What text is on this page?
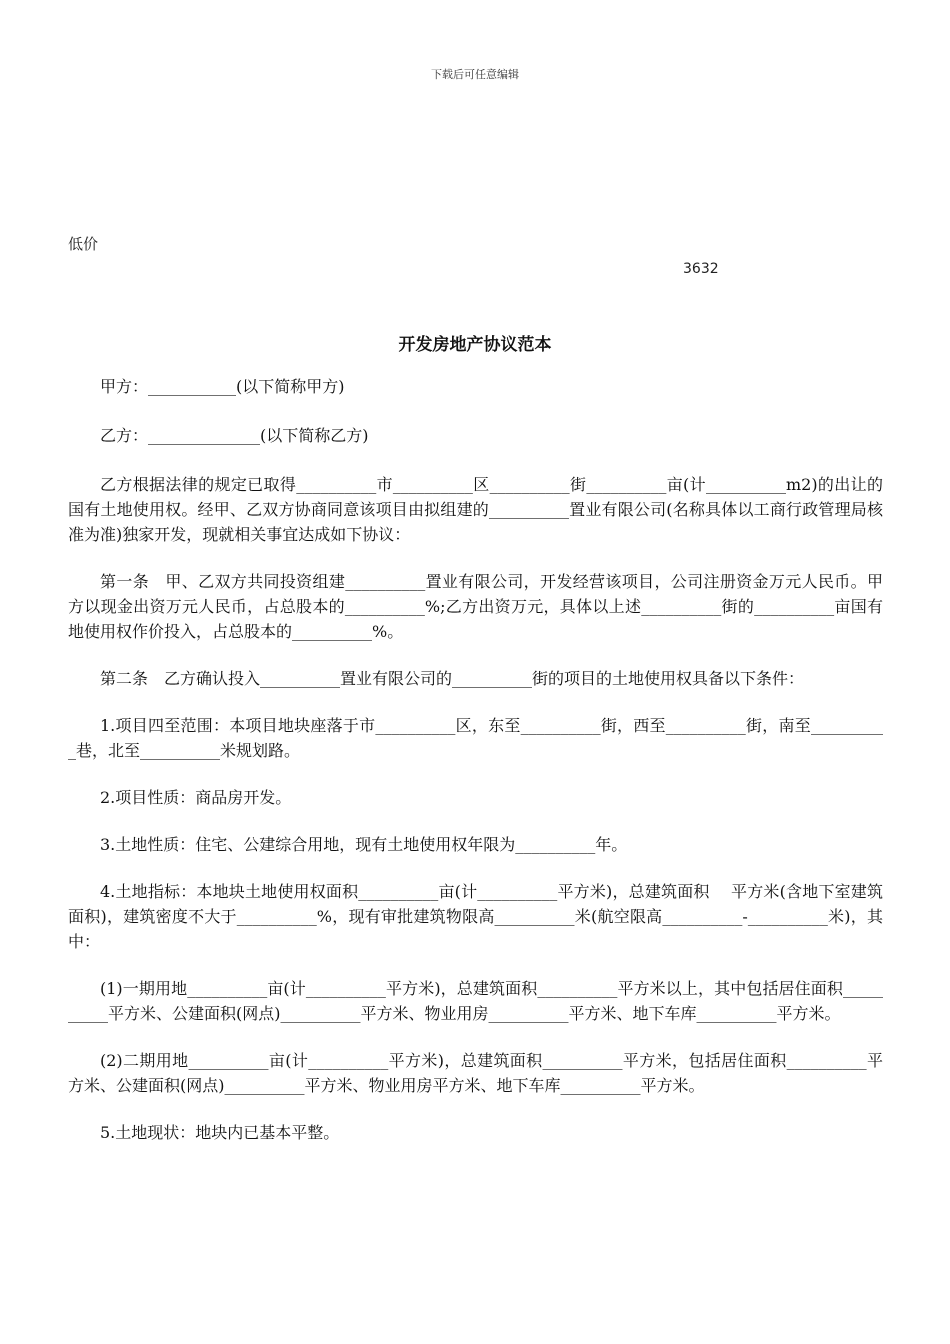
下载后可任意编辑
低价
3632
开发房地产协议范本

甲方：___________(以下简称甲方)

乙方：______________(以下简称乙方)

乙方根据法律的规定已取得__________市__________区__________街__________亩(计__________m2)的出让的国有土地使用权。经甲、乙双方协商同意该项目由拟组建的__________置业有限公司(名称具体以工商行政管理局核准为准)独家开发，现就相关事宜达成如下协议：

第一条　甲、乙双方共同投资组建__________置业有限公司，开发经营该项目，公司注册资金万元人民币。甲方以现金出资万元人民币，占总股本的__________%;乙方出资万元，具体以上述__________街的__________亩国有地使用权作价投入，占总股本的__________%。

第二条　乙方确认投入__________置业有限公司的__________街的项目的土地使用权具备以下条件：

1.项目四至范围：本项目地块座落于市__________区，东至__________街，西至__________街，南至__________巷，北至__________米规划路。

2.项目性质：商品房开发。

3.土地性质：住宅、公建综合用地，现有土地使用权年限为__________年。

4.土地指标：本地块土地使用权面积__________亩(计__________平方米)，总建筑面积　 平方米(含地下室建筑面积)，建筑密度不大于__________%，现有审批建筑物限高__________米(航空限高__________-__________米)，其中：

(1)一期用地__________亩(计__________平方米)，总建筑面积__________平方米以上，其中包括居住面积__________平方米、公建面积(网点)__________平方米、物业用房__________平方米、地下车库__________平方米。

(2)二期用地__________亩(计__________平方米)，总建筑面积__________平方米，包括居住面积__________平方米、公建面积(网点)__________平方米、物业用房平方米、地下车库__________平方米。

5.土地现状：地块内已基本平整。
